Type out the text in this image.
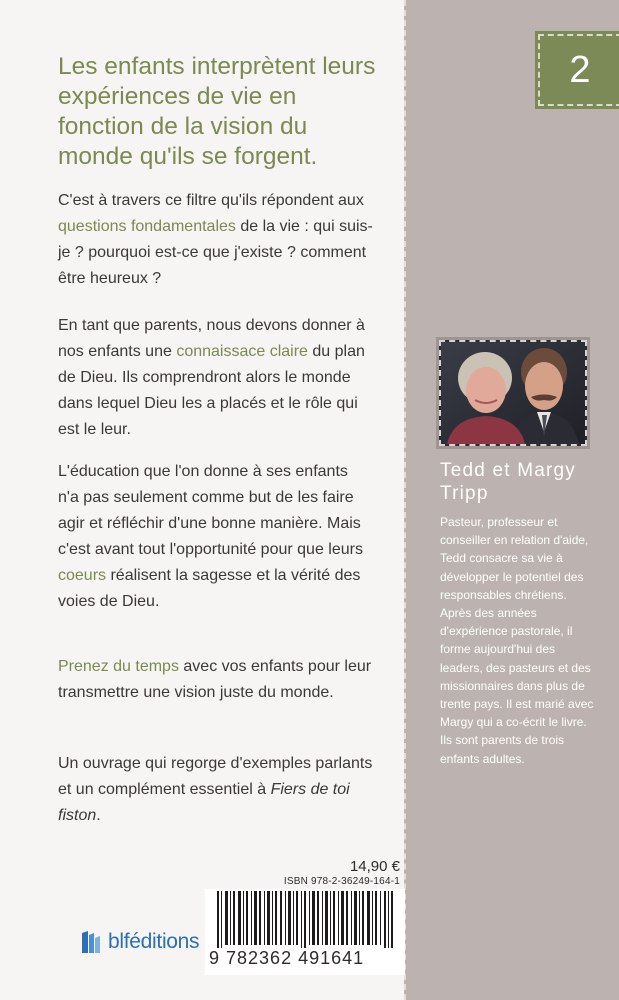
Les enfants interprètent leurs expériences de vie en fonction de la vision du monde qu'ils se forgent.
C'est à travers ce filtre qu'ils répondent aux questions fondamentales de la vie : qui suis-je ? pourquoi est-ce que j'existe ? comment être heureux ?
En tant que parents, nous devons donner à nos enfants une connaissace claire du plan de Dieu. Ils comprendront alors le monde dans lequel Dieu les a placés et le rôle qui est le leur.
L'éducation que l'on donne à ses enfants n'a pas seulement comme but de les faire agir et réfléchir d'une bonne manière. Mais c'est avant tout l'opportunité pour que leurs coeurs réalisent la sagesse et la vérité des voies de Dieu.
Prenez du temps avec vos enfants pour leur transmettre une vision juste du monde.
Un ouvrage qui regorge d'exemples parlants et un complément essentiel à Fiers de toi fiston.
2
Tedd et Margy Tripp
Pasteur, professeur et conseiller en relation d'aide, Tedd consacre sa vie à développer le potentiel des responsables chrétiens. Après des années d'expérience pastorale, il forme aujourd'hui des leaders, des pasteurs et des missionnaires dans plus de trente pays. Il est marié avec Margy qui a co-écrit le livre. Ils sont parents de trois enfants adultes.
14,90 €
ISBN 978-2-36249-164-1
9 782362 491641
blféditions
